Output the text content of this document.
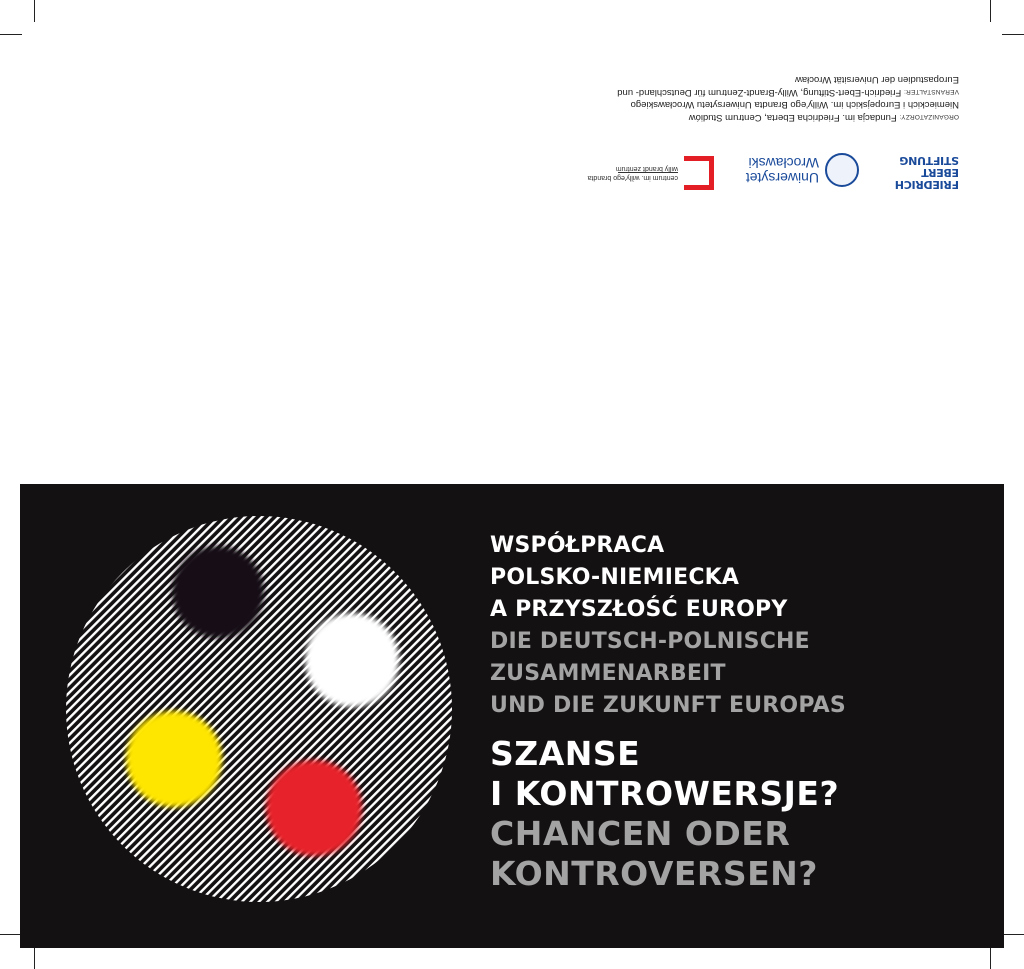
FRIEDRICH
EBERT
STIFTUNG
Uniwersytet
Wrocławski
centrum im. willy'ego brandta
willy brandt zentrum
ORGANIZATORZY: Fundacja im. Friedricha Eberta, Centrum Studiów
Niemieckich i Europejskich im. Willy'ego Brandta Uniwersytetu Wrocławskiego
VERANSTALTER: Friedrich-Ebert-Stiftung, Willy-Brandt-Zentrum für Deutschland- und
Europastudien der Universität Wrocław
WSPÓŁPRACA
POLSKO-NIEMIECKA
A PRZYSZŁOŚĆ EUROPY
DIE DEUTSCH-POLNISCHE
ZUSAMMENARBEIT
UND DIE ZUKUNFT EUROPAS
SZANSE
I KONTROWERSJE?
CHANCEN ODER
KONTROVERSEN?
